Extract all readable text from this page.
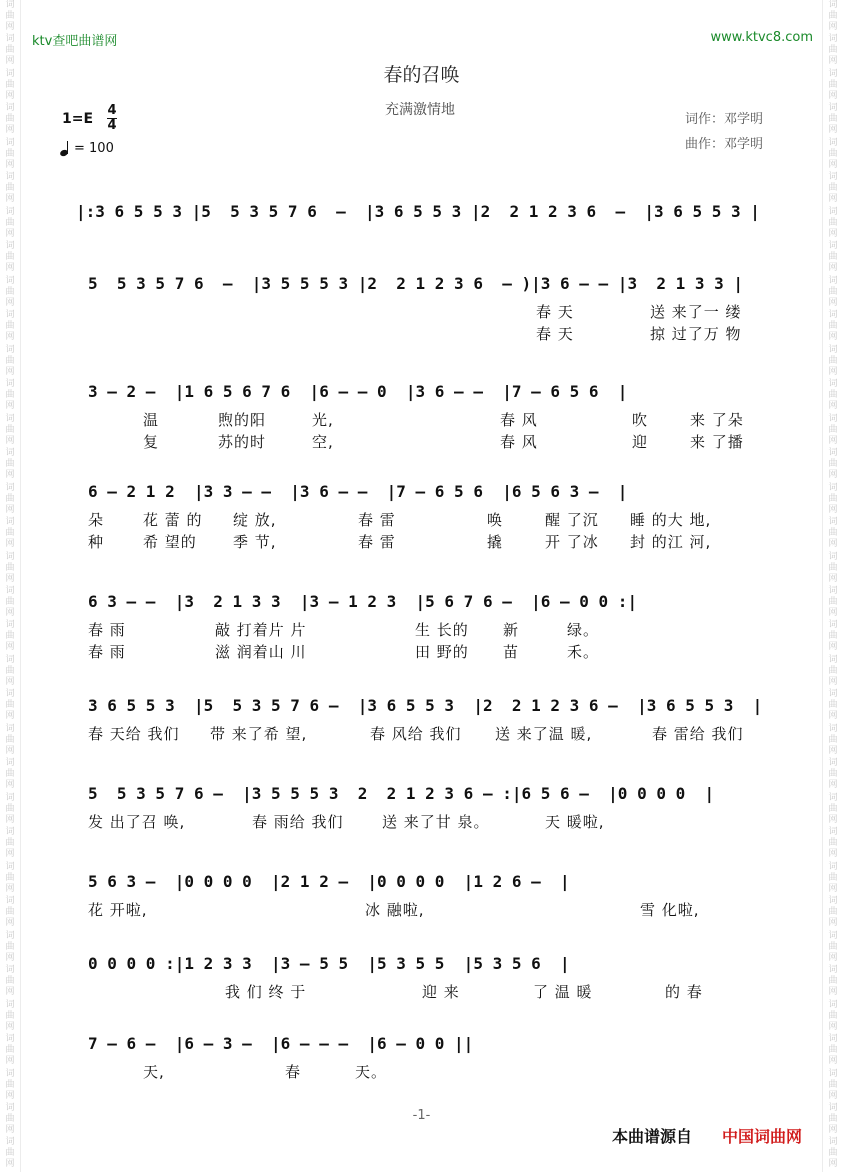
词
曲
网
词
曲
网
词
曲
网
词
曲
网
词
曲
网
词
曲
网
词
曲
网
词
曲
网
词
曲
网
词
曲
网
词
曲
网
词
曲
网
词
曲
网
词
曲
网
词
曲
网
词
曲
网
词
曲
网
词
曲
网
词
曲
网
词
曲
网
词
曲
网
词
曲
网
词
曲
网
词
曲
网
词
曲
网
词
曲
网
词
曲
网
词
曲
网
词
曲
网
词
曲
网
词
曲
网
词
曲
网
词
曲
网
词
曲
网
词
曲
网
词
曲
网
词
曲
网
词
曲
网
词
曲
网
词
曲
网
词
曲
网
词
曲
网
词
曲
网
词
曲
网
词
曲
网
词
曲
网
词
曲
网
词
曲
网
词
曲
网
词
曲
网
词
曲
网
词
曲
网
词
曲
网
词
曲
网
词
曲
网
词
曲
网
词
曲
网
词
曲
网
词
曲
网
词
曲
网
词
曲
网
词
曲
网
词
曲
网
词
曲
网
词
曲
网
词
曲
网
词
曲
网
词
曲
网
ktv查吧曲谱网	www.ktvc8.com
春的召唤
充满激情地
词作：邓学明
曲作：邓学明
$1=E \frac{4}{4}$
= 100
|:3 6 5 5 3 |5  5 3 5 7 6  –  |3 6 5 5 3 |2  2 1 2 3 6  –  |3 6 5 5 3 |
5  5 3 5 7 6  –  |3 5 5 5 3 |2  2 1 2 3 6  – )|3 6 – – |3  2 1 3 3 |
春 天	送 来了一 缕
春 天	掠 过了万 物
3 – 2 –  |1 6 5 6 7 6  |6 – – 0  |3 6 – –  |7 – 6 5 6  |
温	煦的阳	光,	春 风	吹	来 了朵
复	苏的时	空,	春 风	迎	来 了播
6 – 2 1 2  |3 3 – –  |3 6 – –  |7 – 6 5 6  |6 5 6 3 –  |
朵	花 蕾 的 绽 放,	春 雷	唤	醒 了沉 睡 的大 地,
种	希 望的 季 节,	春 雷	撬	开 了冰 封 的江 河,
6 3 – –  |3  2 1 3 3  |3 – 1 2 3  |5 6 7 6 –  |6 – 0 0 :|
春 雨	敲 打着片 片	生 长的 新	绿。
春 雨	滋 润着山 川	田 野的 苗	禾。
3 6 5 5 3  |5  5 3 5 7 6 –  |3 6 5 5 3  |2  2 1 2 3 6 –  |3 6 5 5 3  |
春 天给 我们 带 来了希 望,	春 风给 我们 送 来了温 暖,	春 雷给 我们
5  5 3 5 7 6 –  |3 5 5 5 3  2  2 1 2 3 6 – :|6 5 6 –  |0 0 0 0  |
发 出了召 唤,	春 雨给 我们	送 来了甘 泉。	天 暖啦,
5 6 3 –  |0 0 0 0  |2 1 2 –  |0 0 0 0  |1 2 6 –  |
花 开啦,	冰 融啦,	雪 化啦,
0 0 0 0 :|1 2 3 3  |3 – 5 5  |5 3 5 5  |5 3 5 6  |
我 们 终 于	迎 来	了 温 暖	的 春
7 – 6 –  |6 – 3 –  |6 – – –  |6 – 0 0 ||
天,	春	天。
-1-
本曲谱源自 中国词曲网
